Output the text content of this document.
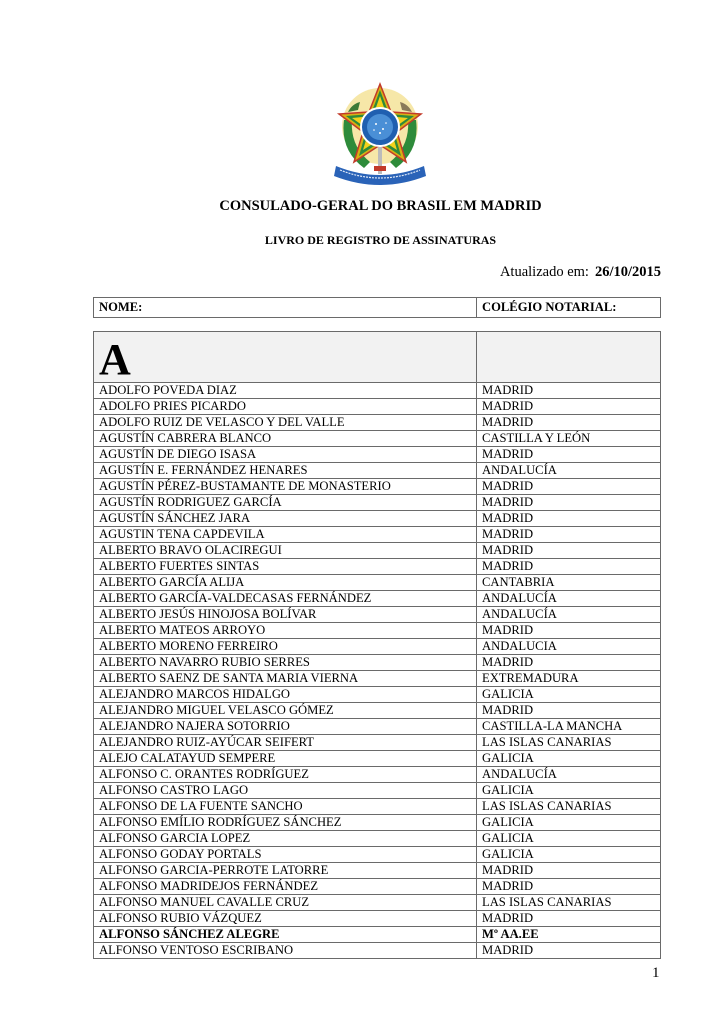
CONSULADO-GERAL DO BRASIL EM MADRID
LIVRO DE REGISTRO DE ASSINATURAS
Atualizado em: 26/10/2015
NOME:	COLÉGIO NOTARIAL:
A	

ADOLFO POVEDA DIAZ	MADRID
ADOLFO PRIES PICARDO	MADRID
ADOLFO RUIZ DE VELASCO Y DEL VALLE	MADRID
AGUSTÍN CABRERA BLANCO	CASTILLA Y LEÓN
AGUSTÍN DE DIEGO ISASA	MADRID
AGUSTÍN E. FERNÁNDEZ HENARES	ANDALUCÍA
AGUSTÍN PÉREZ-BUSTAMANTE DE MONASTERIO	MADRID
AGUSTÍN RODRIGUEZ GARCÍA	MADRID
AGUSTÍN SÁNCHEZ JARA	MADRID
AGUSTIN TENA CAPDEVILA	MADRID
ALBERTO BRAVO OLACIREGUI	MADRID
ALBERTO FUERTES SINTAS	MADRID
ALBERTO GARCÍA ALIJA	CANTABRIA
ALBERTO GARCÍA-VALDECASAS FERNÁNDEZ	ANDALUCÍA
ALBERTO JESÚS HINOJOSA BOLÍVAR	ANDALUCÍA
ALBERTO MATEOS ARROYO	MADRID
ALBERTO MORENO FERREIRO	ANDALUCIA
ALBERTO NAVARRO RUBIO SERRES	MADRID
ALBERTO SAENZ DE SANTA MARIA VIERNA	EXTREMADURA
ALEJANDRO MARCOS HIDALGO	GALICIA
ALEJANDRO MIGUEL VELASCO GÓMEZ	MADRID
ALEJANDRO NAJERA SOTORRIO	CASTILLA-LA MANCHA
ALEJANDRO RUIZ-AYÚCAR SEIFERT	LAS ISLAS CANARIAS
ALEJO CALATAYUD SEMPERE	GALICIA
ALFONSO C. ORANTES RODRÍGUEZ	ANDALUCÍA
ALFONSO CASTRO LAGO	GALICIA
ALFONSO DE LA FUENTE SANCHO	LAS ISLAS CANARIAS
ALFONSO EMÍLIO RODRÍGUEZ SÁNCHEZ	GALICIA
ALFONSO GARCIA LOPEZ	GALICIA
ALFONSO GODAY PORTALS	GALICIA
ALFONSO GARCIA-PERROTE LATORRE	MADRID
ALFONSO MADRIDEJOS FERNÁNDEZ	MADRID
ALFONSO MANUEL CAVALLE CRUZ	LAS ISLAS CANARIAS
ALFONSO RUBIO VÁZQUEZ	MADRID
ALFONSO SÁNCHEZ ALEGRE	Mº AA.EE
ALFONSO VENTOSO ESCRIBANO	MADRID
1
